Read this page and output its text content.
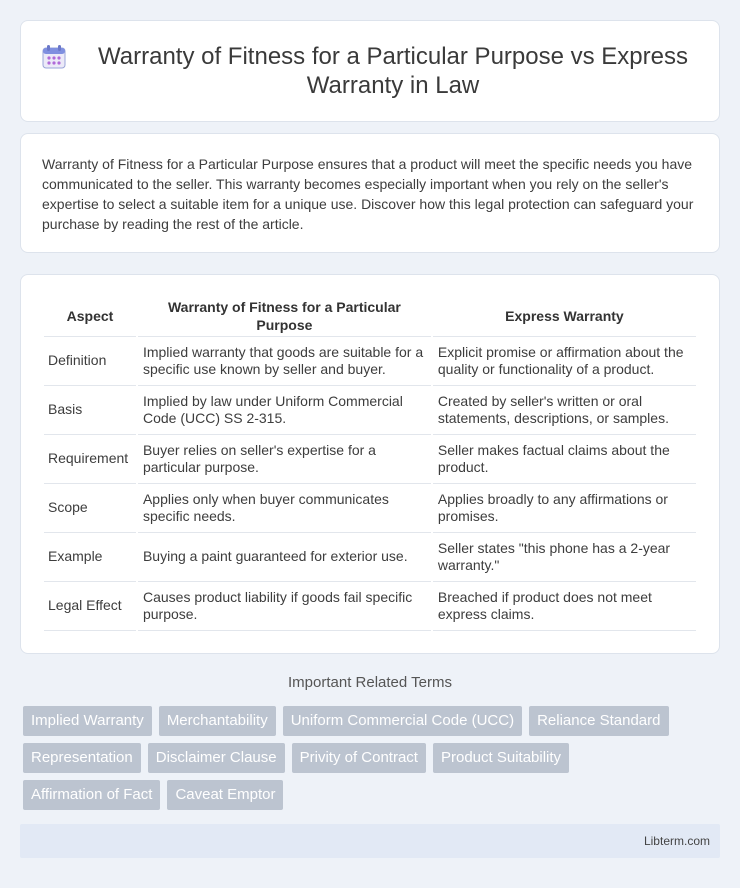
Warranty of Fitness for a Particular Purpose vs Express Warranty in Law

Warranty of Fitness for a Particular Purpose ensures that a product will meet the specific needs you have communicated to the seller. This warranty becomes especially important when you rely on the seller's expertise to select a suitable item for a unique use. Discover how this legal protection can safeguard your purchase by reading the rest of the article.

Aspect	Warranty of Fitness for a Particular Purpose	Express Warranty
Definition	Implied warranty that goods are suitable for a specific use known by seller and buyer.	Explicit promise or affirmation about the quality or functionality of a product.
Basis	Implied by law under Uniform Commercial Code (UCC) SS 2-315.	Created by seller's written or oral statements, descriptions, or samples.
Requirement	Buyer relies on seller's expertise for a particular purpose.	Seller makes factual claims about the product.
Scope	Applies only when buyer communicates specific needs.	Applies broadly to any affirmations or promises.
Example	Buying a paint guaranteed for exterior use.	Seller states "this phone has a 2-year warranty."
Legal Effect	Causes product liability if goods fail specific purpose.	Breached if product does not meet express claims.
Important Related Terms
Implied Warranty	Merchantability	Uniform Commercial Code (UCC)	Reliance Standard
Representation	Disclaimer Clause	Privity of Contract	Product Suitability
Affirmation of Fact	Caveat Emptor
Libterm.com
